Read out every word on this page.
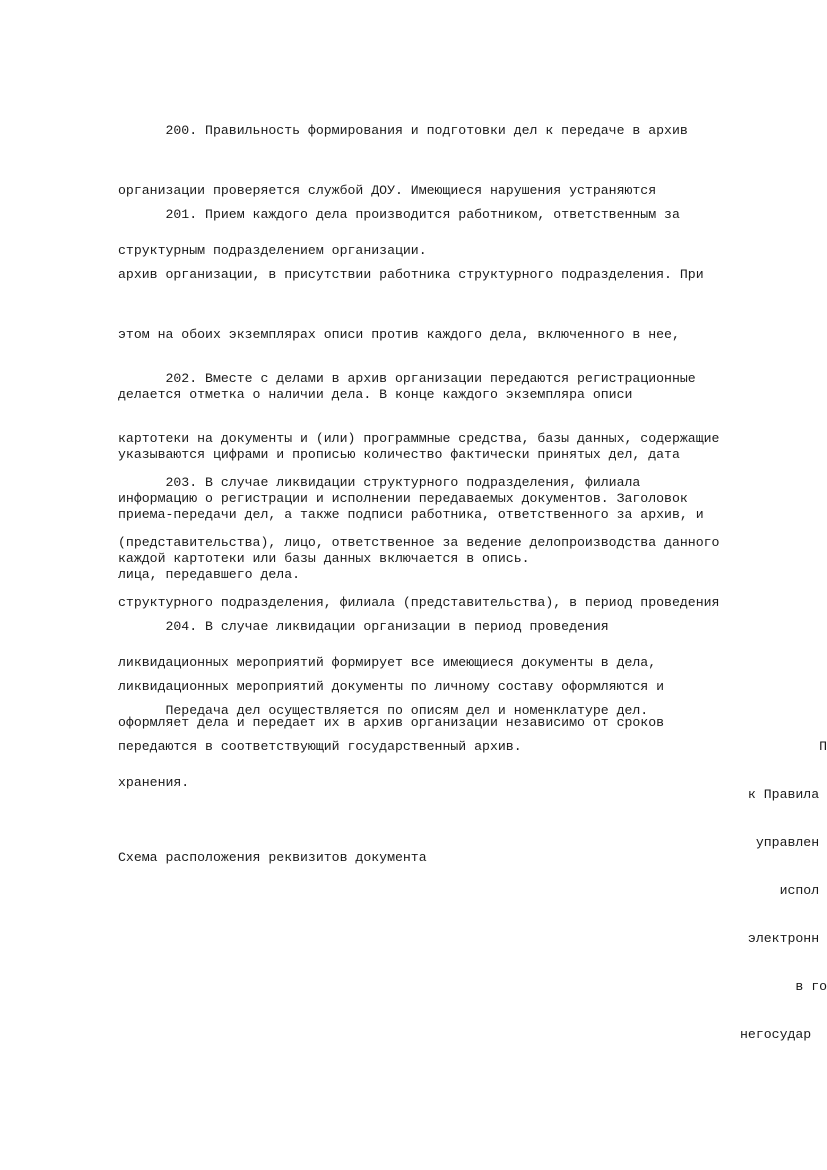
200. Правильность формирования и подготовки дел к передаче в архив

организации проверяется службой ДОУ. Имеющиеся нарушения устраняются

структурным подразделением организации.

201. Прием каждого дела производится работником, ответственным за

архив организации, в присутствии работника структурного подразделения. При

этом на обоих экземплярах описи против каждого дела, включенного в нее,

делается отметка о наличии дела. В конце каждого экземпляра описи

указываются цифрами и прописью количество фактически принятых дел, дата

приема-передачи дел, а также подписи работника, ответственного за архив, и

лица, передавшего дела.

202. Вместе с делами в архив организации передаются регистрационные

картотеки на документы и (или) программные средства, базы данных, содержащие

информацию о регистрации и исполнении передаваемых документов. Заголовок

каждой картотеки или базы данных включается в опись.

203. В случае ликвидации структурного подразделения, филиала

(представительства), лицо, ответственное за ведение делопроизводства данного

структурного подразделения, филиала (представительства), в период проведения

ликвидационных мероприятий формирует все имеющиеся документы в дела,

оформляет дела и передает их в архив организации независимо от сроков

хранения.

204. В случае ликвидации организации в период проведения

ликвидационных мероприятий документы по личному составу оформляются и

передаются в соответствующий государственный архив.

Передача дел осуществляется по описям дел и номенклатуре дел.

П

к Правила

управлен

испол

электронн

в го

негосудар

Схема расположения реквизитов документа
